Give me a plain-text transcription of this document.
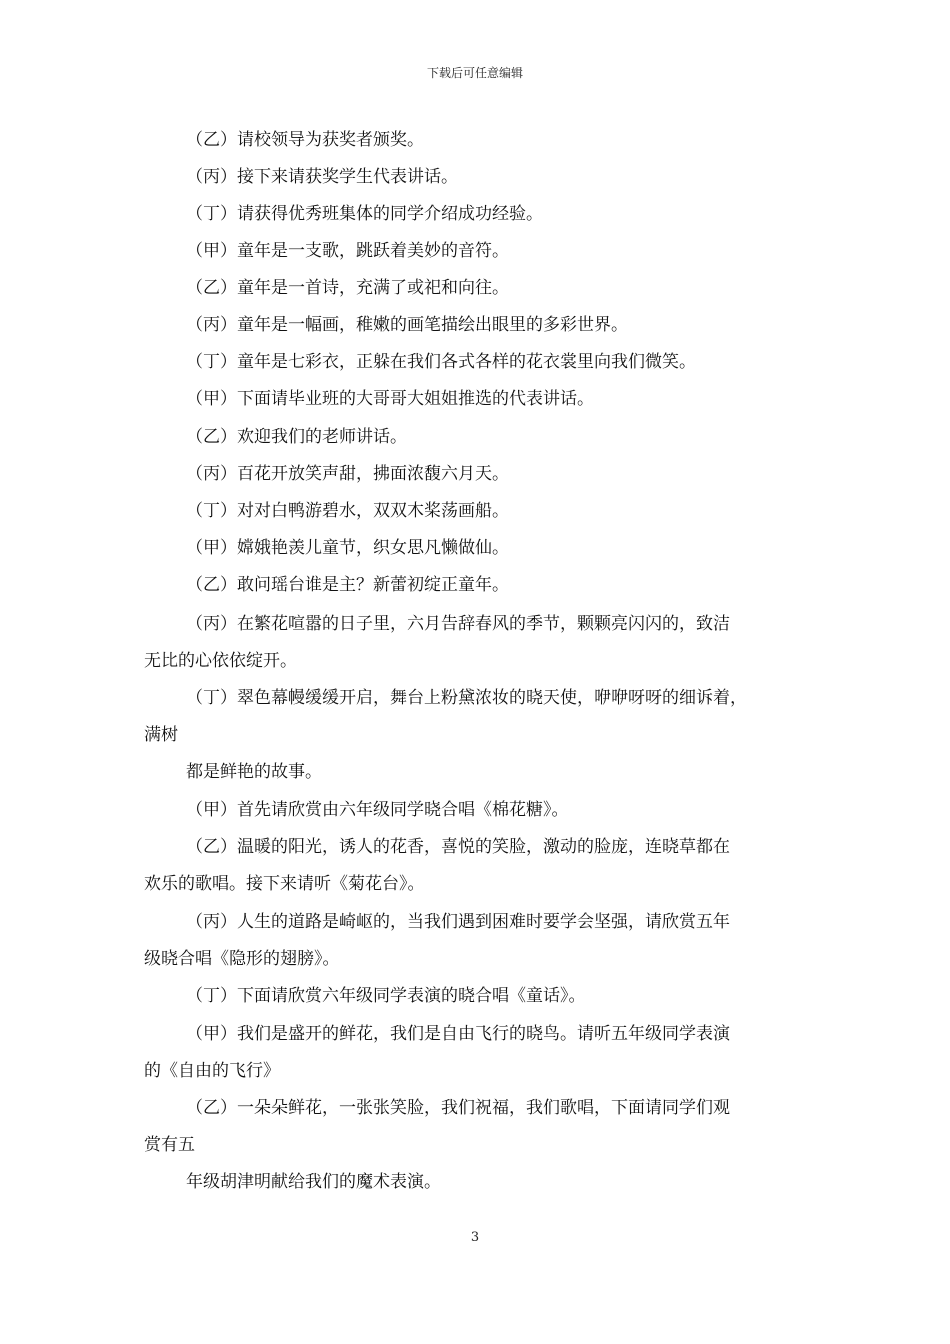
下载后可任意编辑
（乙）请校领导为获奖者颁奖。
（丙）接下来请获奖学生代表讲话。
（丁）请获得优秀班集体的同学介绍成功经验。
（甲）童年是一支歌，跳跃着美妙的音符。
（乙）童年是一首诗，充满了或祀和向往。
（丙）童年是一幅画，稚嫩的画笔描绘出眼里的多彩世界。
（丁）童年是七彩衣，正躲在我们各式各样的花衣裳里向我们微笑。
（甲）下面请毕业班的大哥哥大姐姐推选的代表讲话。
（乙）欢迎我们的老师讲话。
（丙）百花开放笑声甜，拂面浓馥六月天。
（丁）对对白鸭游碧水，双双木桨荡画船。
（甲）嫦娥艳羡儿童节，织女思凡懒做仙。
（乙）敢问瑶台谁是主？新蕾初绽正童年。
（丙）在繁花喧嚣的日子里，六月告辞春风的季节，颗颗亮闪闪的，致洁
无比的心依依绽开。
（丁）翠色幕幔缓缓开启，舞台上粉黛浓妆的晓天使，咿咿呀呀的细诉着，
满树
都是鲜艳的故事。
（甲）首先请欣赏由六年级同学晓合唱《棉花糖》。
（乙）温暖的阳光，诱人的花香，喜悦的笑脸，激动的脸庞，连晓草都在
欢乐的歌唱。接下来请听《菊花台》。
（丙）人生的道路是崎岖的，当我们遇到困难时要学会坚强，请欣赏五年
级晓合唱《隐形的翅膀》。
（丁）下面请欣赏六年级同学表演的晓合唱《童话》。
（甲）我们是盛开的鲜花，我们是自由飞行的晓鸟。请听五年级同学表演
的《自由的飞行》
（乙）一朵朵鲜花，一张张笑脸，我们祝福，我们歌唱，下面请同学们观
赏有五
年级胡津明献给我们的魔术表演。
3
